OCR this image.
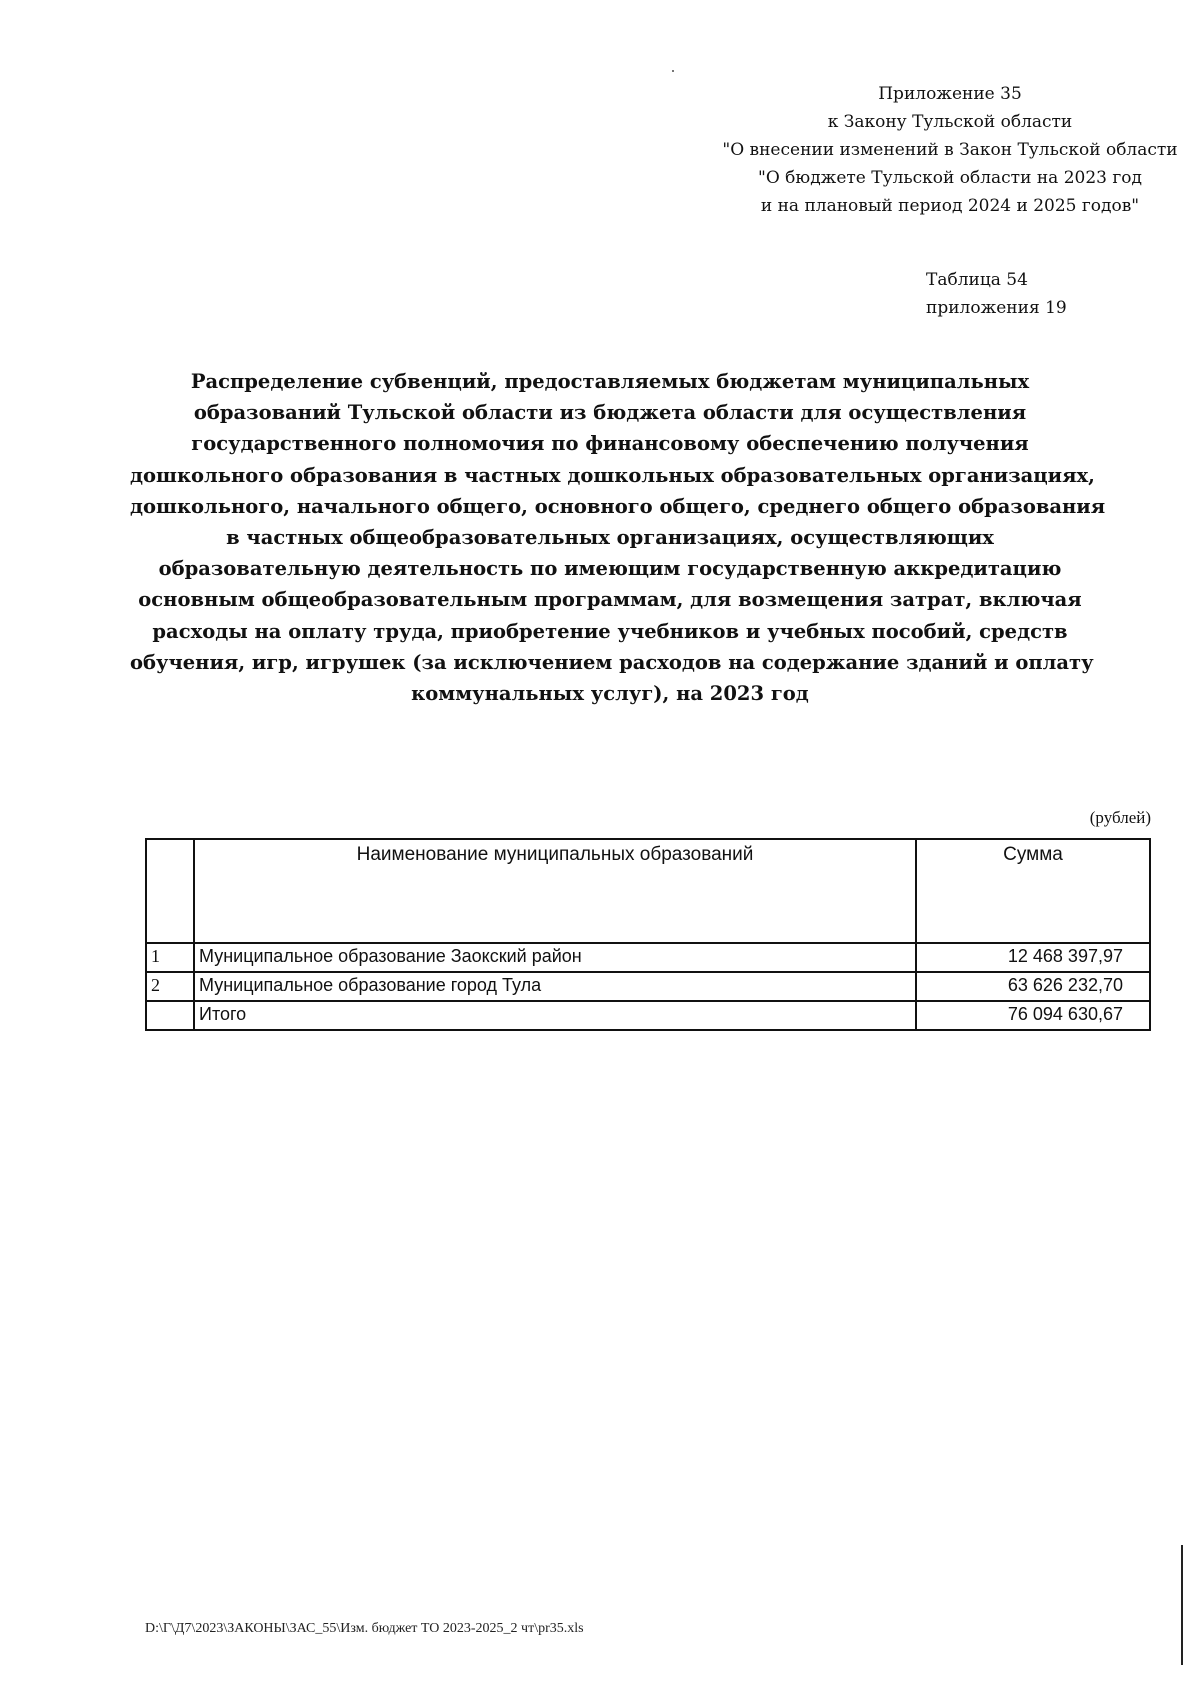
Приложение 35
к Закону Тульской области
"О внесении изменений в Закон Тульской области
"О бюджете Тульской области на 2023 год
и на плановый период 2024 и 2025 годов"
Таблица 54
приложения 19
Распределение субвенций, предоставляемых бюджетам муниципальных
образований Тульской области из бюджета области для осуществления
государственного полномочия по финансовому обеспечению получения
дошкольного образования в частных дошкольных образовательных организациях,
дошкольного, начального общего, основного общего, среднего общего образования
в частных общеобразовательных организациях, осуществляющих
образовательную деятельность по имеющим государственную аккредитацию
основным общеобразовательным программам, для возмещения затрат, включая
расходы на оплату труда, приобретение учебников и учебных пособий, средств
обучения, игр, игрушек (за исключением расходов на содержание зданий и оплату
коммунальных услуг), на 2023 год
(рублей)
	Наименование муниципальных образований	Сумма
1	Муниципальное образование Заокский район	12 468 397,97
2	Муниципальное образование город Тула	63 626 232,70
	Итого	76 094 630,67
D:\Г\Д7\2023\ЗАКОНЫ\ЗАС_55\Изм. бюджет ТО 2023-2025_2 чт\pr35.xls
